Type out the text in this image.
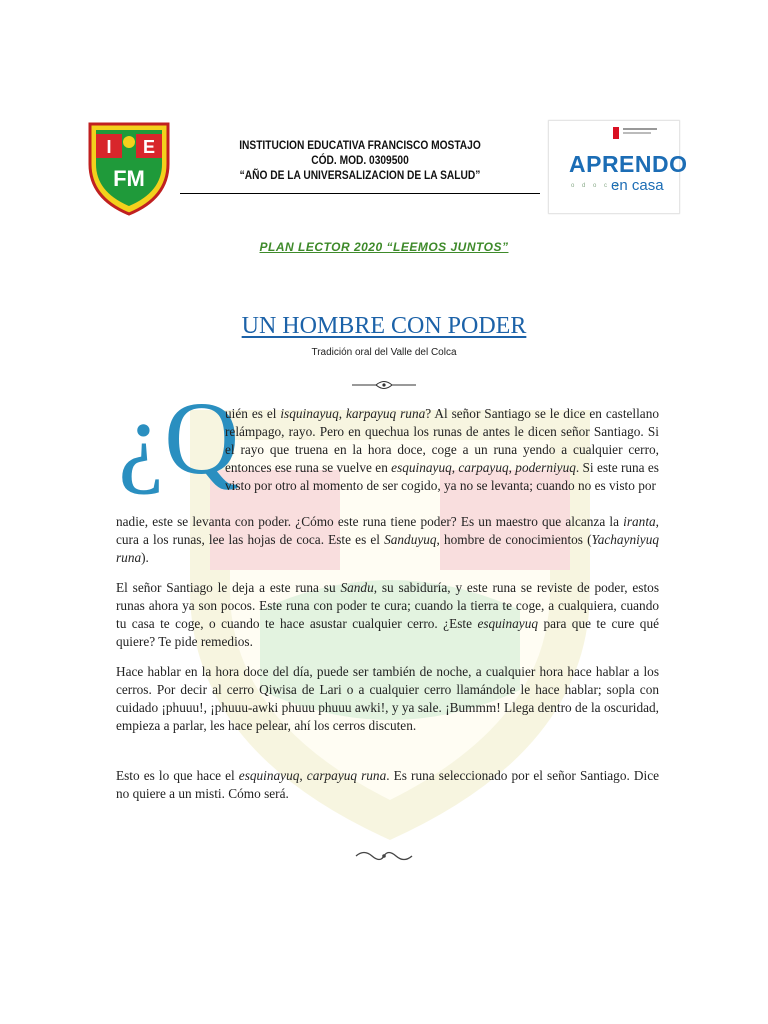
I E
FM
INSTITUCION EDUCATIVA FRANCISCO MOSTAJO
CÓD. MOD. 0309500
“AÑO DE LA UNIVERSALIZACION DE LA SALUD”	APRENDO
o d o c a
en casa
PLAN LECTOR 2020 “LEEMOS JUNTOS”
UN HOMBRE CON PODER
Tradición oral del Valle del Colca
¿Q

uién es el isquinayuq, karpayuq runa? Al señor Santiago se le dice en castellano relámpago, rayo. Pero en quechua los runas de antes le dicen señor Santiago. Si el rayo que truena en la hora doce, coge a un runa yendo a cualquier cerro, entonces ese runa se vuelve en esquinayuq, carpayuq, poderniyuq. Si este runa es visto por otro al momento de ser cogido, ya no se levanta; cuando no es visto por

nadie, este se levanta con poder. ¿Cómo este runa tiene poder? Es un maestro que alcanza la iranta, cura a los runas, lee las hojas de coca. Este es el Sanduyuq, hombre de conocimientos (Yachayniyuq runa).

El señor Santiago le deja a este runa su Sandu, su sabiduría, y este runa se reviste de poder, estos runas ahora ya son pocos. Este runa con poder te cura; cuando la tierra te coge, a cualquiera, cuando tu casa te coge, o cuando te hace asustar cualquier cerro. ¿Este esquinayuq para que te cure qué quiere? Te pide remedios.

Hace hablar en la hora doce del día, puede ser también de noche, a cualquier hora hace hablar a los cerros. Por decir al cerro Qiwisa de Lari o a cualquier cerro llamándole le hace hablar; sopla con cuidado ¡phuuu!, ¡phuuu-awki phuuu phuuu awki!, y ya sale. ¡Bummm! Llega dentro de la oscuridad, empieza a parlar, les hace pelear, ahí los cerros discuten.

Esto es lo que hace el esquinayuq, carpayuq runa. Es runa seleccionado por el señor Santiago. Dice no quiere a un misti. Cómo será.
